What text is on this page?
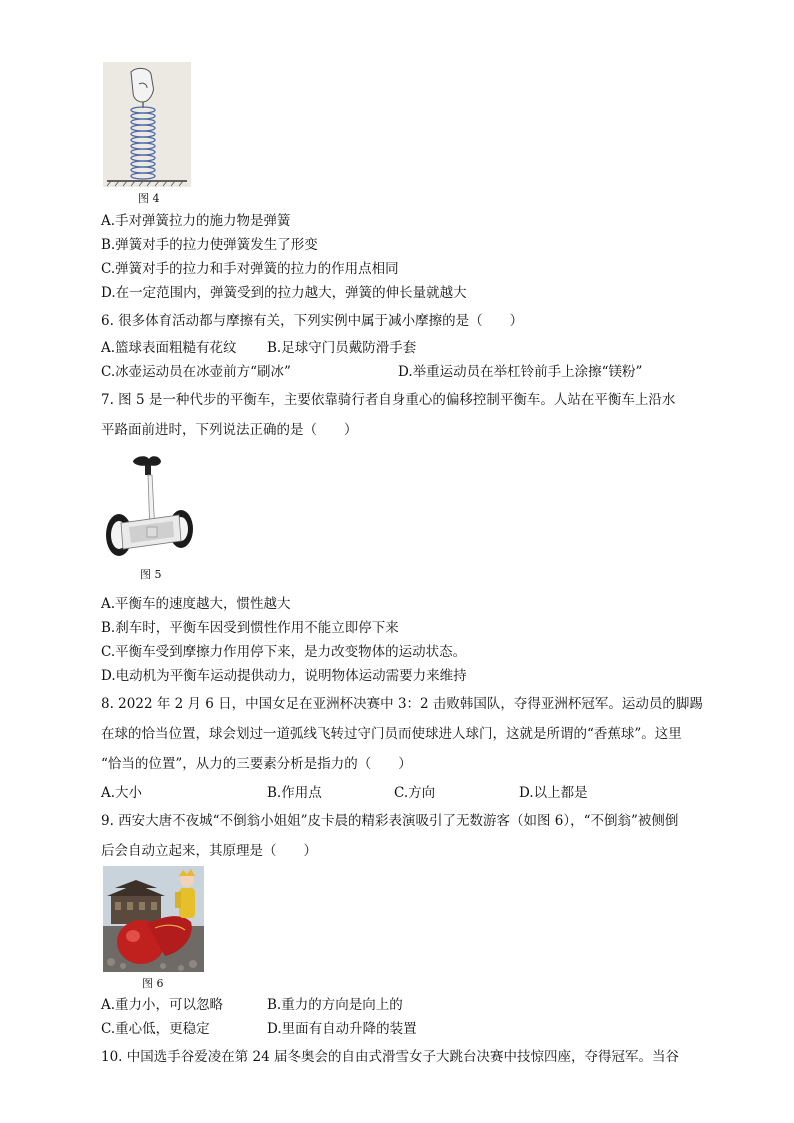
图 4
A.手对弹簧拉力的施力物是弹簧
B.弹簧对手的拉力使弹簧发生了形变
C.弹簧对手的拉力和手对弹簧的拉力的作用点相同
D.在一定范围内，弹簧受到的拉力越大，弹簧的伸长量就越大
6. 很多体育活动都与摩擦有关，下列实例中属于减小摩擦的是（　　）
A.篮球表面粗糙有花纹 B.足球守门员戴防滑手套
C.冰壶运动员在冰壶前方“刷冰”	D.举重运动员在举杠铃前手上涂擦“镁粉”
7. 图 5 是一种代步的平衡车，主要依靠骑行者自身重心的偏移控制平衡车。人站在平衡车上沿水
平路面前进时，下列说法正确的是（　　）
图 5
A.平衡车的速度越大，惯性越大
B.刹车时，平衡车因受到惯性作用不能立即停下来
C.平衡车受到摩擦力作用停下来，是力改变物体的运动状态。
D.电动机为平衡车运动提供动力，说明物体运动需要力来维持
8. 2022 年 2 月 6 日，中国女足在亚洲杯决赛中 3：2 击败韩国队，夺得亚洲杯冠军。运动员的脚踢
在球的恰当位置，球会划过一道弧线飞转过守门员而使球进人球门，这就是所谓的“香蕉球”。这里
“恰当的位置”，从力的三要素分析是指力的（　　）
A.大小	B.作用点	C.方向	D.以上都是
9. 西安大唐不夜城“不倒翁小姐姐”皮卡晨的精彩表演吸引了无数游客（如图 6），“不倒翁”被侧倒
后会自动立起来，其原理是（　　）
图 6
A.重力小，可以忽略	B.重力的方向是向上的
C.重心低，更稳定	D.里面有自动升降的装置
10. 中国选手谷爱凌在第 24 届冬奥会的自由式滑雪女子大跳台决赛中技惊四座，夺得冠军。当谷
